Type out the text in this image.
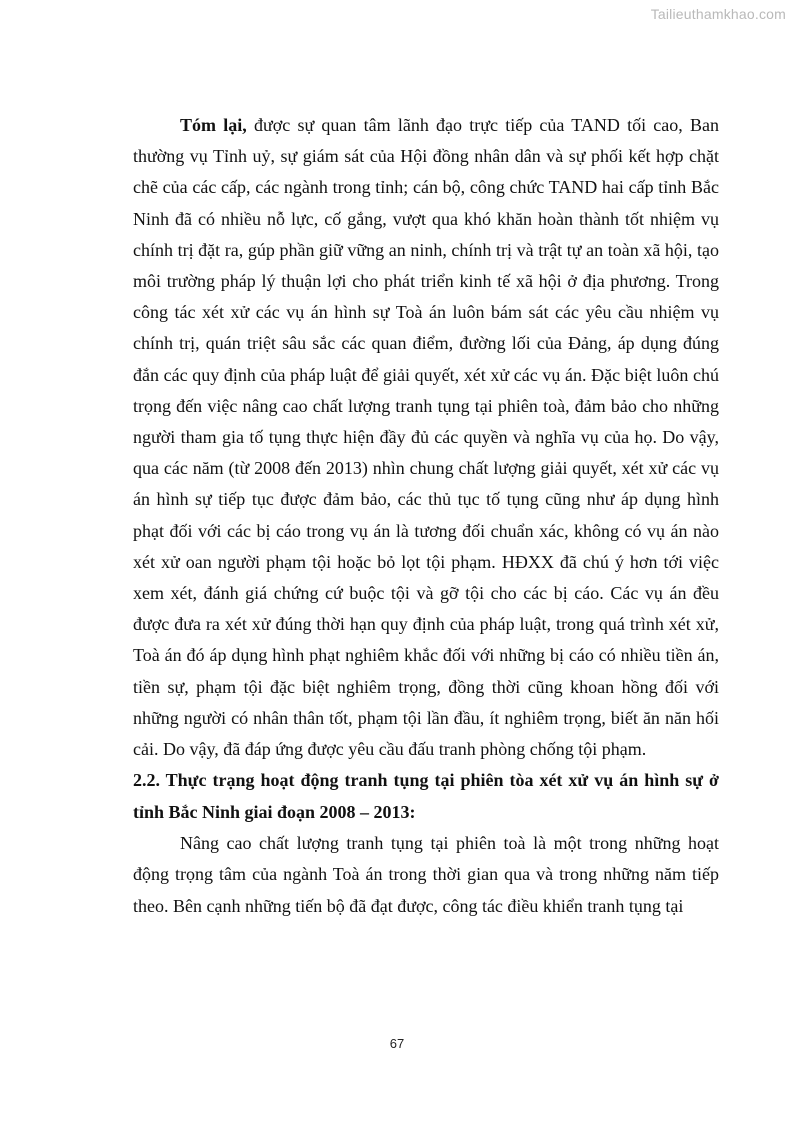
Tailieuthamkhao.com

Tóm lại, được sự quan tâm lãnh đạo trực tiếp của TAND tối cao, Ban thường vụ Tỉnh uỷ, sự giám sát của Hội đồng nhân dân và sự phối kết hợp chặt chẽ của các cấp, các ngành trong tỉnh; cán bộ, công chức TAND hai cấp tỉnh Bắc Ninh đã có nhiều nỗ lực, cố gắng, vượt qua khó khăn hoàn thành tốt nhiệm vụ chính trị đặt ra, gúp phần giữ vững an ninh, chính trị và trật tự an toàn xã hội, tạo môi trường pháp lý thuận lợi cho phát triển kinh tế xã hội ở địa phương. Trong công tác xét xử các vụ án hình sự Toà án luôn bám sát các yêu cầu nhiệm vụ chính trị, quán triệt sâu sắc các quan điểm, đường lối của Đảng, áp dụng đúng đắn các quy định của pháp luật để giải quyết, xét xử các vụ án. Đặc biệt luôn chú trọng đến việc nâng cao chất lượng tranh tụng tại phiên toà, đảm bảo cho những người tham gia tố tụng thực hiện đầy đủ các quyền và nghĩa vụ của họ. Do vậy, qua các năm (từ 2008 đến 2013) nhìn chung chất lượng giải quyết, xét xử các vụ án hình sự tiếp tục được đảm bảo, các thủ tục tố tụng cũng như áp dụng hình phạt đối với các bị cáo trong vụ án là tương đối chuẩn xác, không có vụ án nào xét xử oan người phạm tội hoặc bỏ lọt tội phạm. HĐXX đã chú ý hơn tới việc xem xét, đánh giá chứng cứ buộc tội và gỡ tội cho các bị cáo. Các vụ án đều được đưa ra xét xử đúng thời hạn quy định của pháp luật, trong quá trình xét xử, Toà án đó áp dụng hình phạt nghiêm khắc đối với những bị cáo có nhiều tiền án, tiền sự, phạm tội đặc biệt nghiêm trọng, đồng thời cũng khoan hồng đối với những người có nhân thân tốt, phạm tội lần đầu, ít nghiêm trọng, biết ăn năn hối cải. Do vậy, đã đáp ứng được yêu cầu đấu tranh phòng chống tội phạm.

2.2. Thực trạng hoạt động tranh tụng tại phiên tòa xét xử vụ án hình sự ở tỉnh Bắc Ninh giai đoạn 2008 – 2013:

Nâng cao chất lượng tranh tụng tại phiên toà là một trong những hoạt động trọng tâm của ngành Toà án trong thời gian qua và trong những năm tiếp theo. Bên cạnh những tiến bộ đã đạt được, công tác điều khiển tranh tụng tại

67
